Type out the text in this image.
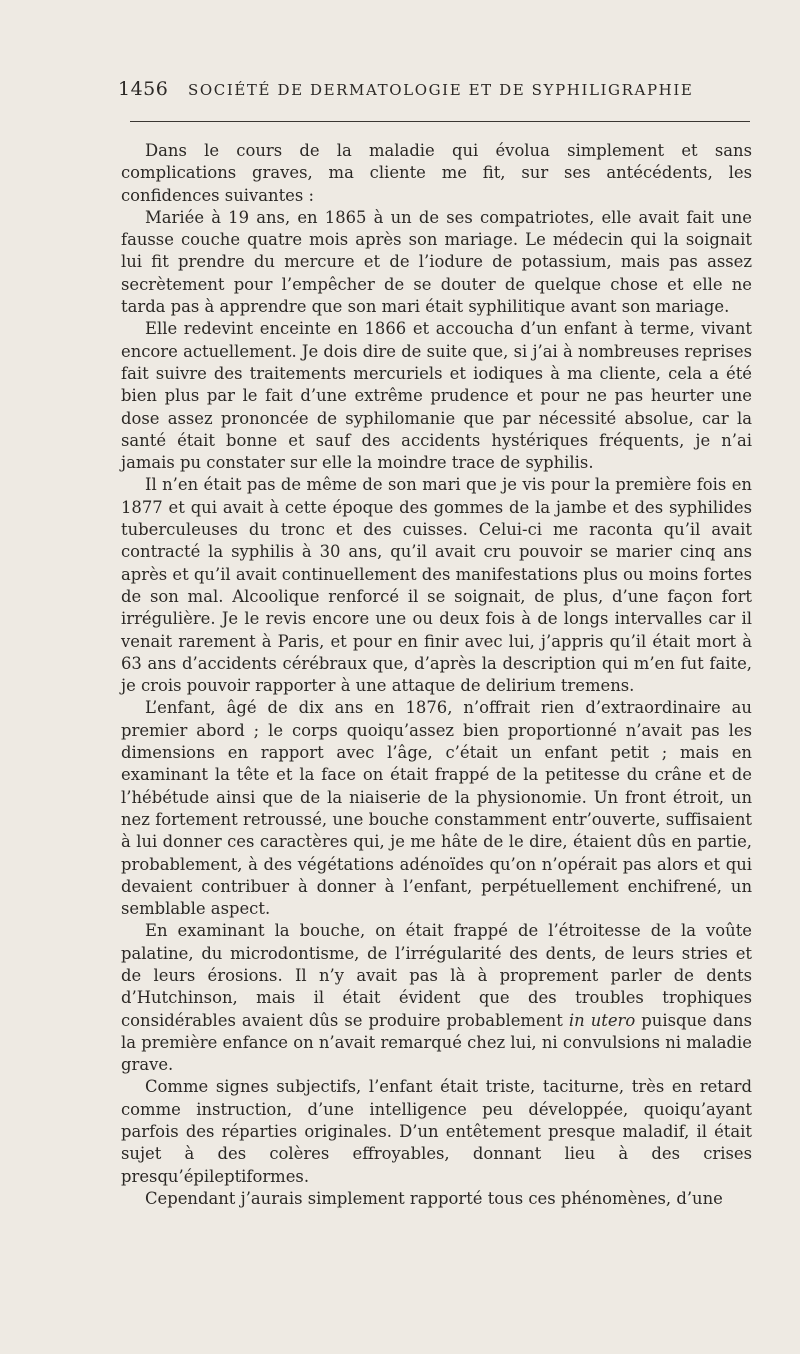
1456	SOCIÉTÉ DE DERMATOLOGIE ET DE SYPHILIGRAPHIE

Dans le cours de la maladie qui évolua simplement et sans complications graves, ma cliente me fit, sur ses antécédents, les confidences suivantes :

Mariée à 19 ans, en 1865 à un de ses compatriotes, elle avait fait une fausse couche quatre mois après son mariage. Le médecin qui la soignait lui fit prendre du mercure et de l’iodure de potassium, mais pas assez secrètement pour l’empêcher de se douter de quelque chose et elle ne tarda pas à apprendre que son mari était syphilitique avant son mariage.

Elle redevint enceinte en 1866 et accoucha d’un enfant à terme, vivant encore actuellement. Je dois dire de suite que, si j’ai à nombreuses reprises fait suivre des traitements mercuriels et iodiques à ma cliente, cela a été bien plus par le fait d’une extrême prudence et pour ne pas heurter une dose assez prononcée de syphilomanie que par nécessité absolue, car la santé était bonne et sauf des accidents hystériques fréquents, je n’ai jamais pu constater sur elle la moindre trace de syphilis.

Il n’en était pas de même de son mari que je vis pour la première fois en 1877 et qui avait à cette époque des gommes de la jambe et des syphilides tuberculeuses du tronc et des cuisses. Celui-ci me raconta qu’il avait contracté la syphilis à 30 ans, qu’il avait cru pouvoir se marier cinq ans après et qu’il avait continuellement des manifestations plus ou moins fortes de son mal. Alcoolique renforcé il se soignait, de plus, d’une façon fort irrégulière. Je le revis encore une ou deux fois à de longs intervalles car il venait rarement à Paris, et pour en finir avec lui, j’appris qu’il était mort à 63 ans d’accidents cérébraux que, d’après la description qui m’en fut faite, je crois pouvoir rapporter à une attaque de delirium tremens.

L’enfant, âgé de dix ans en 1876, n’offrait rien d’extraordinaire au premier abord ; le corps quoiqu’assez bien proportionné n’avait pas les dimensions en rapport avec l’âge, c’était un enfant petit ; mais en examinant la tête et la face on était frappé de la petitesse du crâne et de l’hébétude ainsi que de la niaiserie de la physionomie. Un front étroit, un nez fortement retroussé, une bouche constamment entr’ouverte, suffisaient à lui donner ces caractères qui, je me hâte de le dire, étaient dûs en partie, probablement, à des végétations adénoïdes qu’on n’opérait pas alors et qui devaient contribuer à donner à l’enfant, perpétuellement enchifrené, un semblable aspect.

En examinant la bouche, on était frappé de l’étroitesse de la voûte palatine, du microdontisme, de l’irrégularité des dents, de leurs stries et de leurs érosions. Il n’y avait pas là à proprement parler de dents d’Hutchinson, mais il était évident que des troubles trophiques considérables avaient dûs se produire probablement in utero puisque dans la première enfance on n’avait remarqué chez lui, ni convulsions ni maladie grave.

Comme signes subjectifs, l’enfant était triste, taciturne, très en retard comme instruction, d’une intelligence peu développée, quoiqu’ayant parfois des réparties originales. D’un entêtement presque maladif, il était sujet à des colères effroyables, donnant lieu à des crises presqu’épileptiformes.

Cependant j’aurais simplement rapporté tous ces phénomènes, d’une
